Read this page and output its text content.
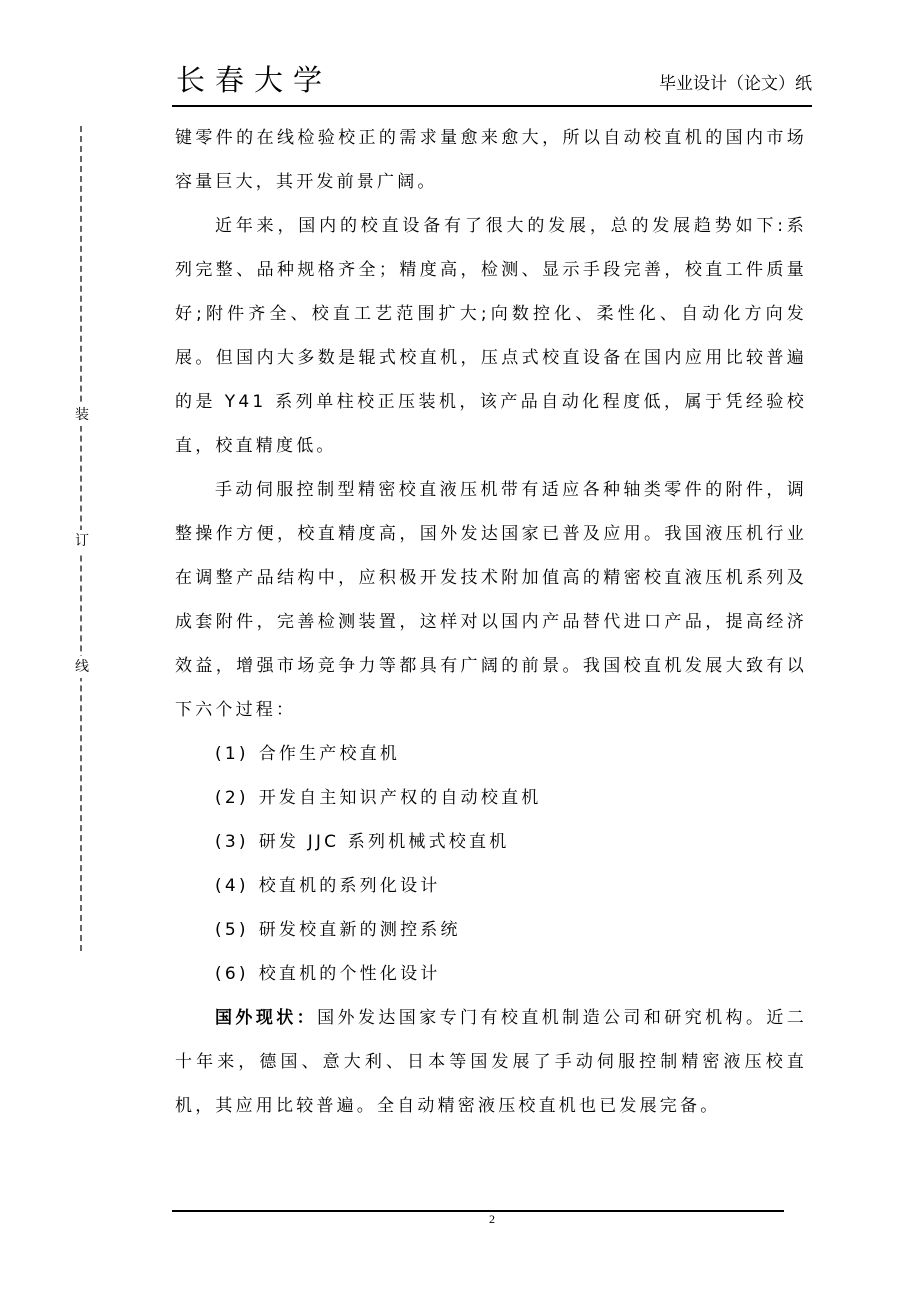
长春大学	毕业设计（论文）纸
装
订
线

键零件的在线检验校正的需求量愈来愈大，所以自动校直机的国内市场容量巨大，其开发前景广阔。

近年来，国内的校直设备有了很大的发展，总的发展趋势如下:系列完整、品种规格齐全；精度高，检测、显示手段完善，校直工件质量好;附件齐全、校直工艺范围扩大;向数控化、柔性化、自动化方向发展。但国内大多数是辊式校直机，压点式校直设备在国内应用比较普遍的是 Y41 系列单柱校正压装机，该产品自动化程度低，属于凭经验校直，校直精度低。

手动伺服控制型精密校直液压机带有适应各种轴类零件的附件，调整操作方便，校直精度高，国外发达国家已普及应用。我国液压机行业在调整产品结构中，应积极开发技术附加值高的精密校直液压机系列及成套附件，完善检测装置，这样对以国内产品替代进口产品，提高经济效益，增强市场竞争力等都具有广阔的前景。我国校直机发展大致有以下六个过程：

(1) 合作生产校直机
(2) 开发自主知识产权的自动校直机
(3) 研发 JJC 系列机械式校直机
(4) 校直机的系列化设计
(5) 研发校直新的测控系统
(6) 校直机的个性化设计

国外现状：国外发达国家专门有校直机制造公司和研究机构。近二十年来，德国、意大利、日本等国发展了手动伺服控制精密液压校直机，其应用比较普遍。全自动精密液压校直机也已发展完备。

2
